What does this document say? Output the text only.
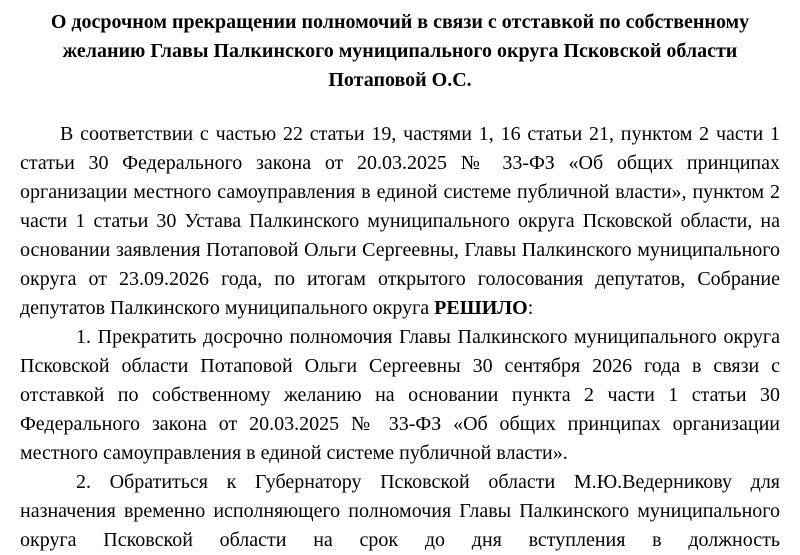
О досрочном прекращении полномочий в связи с отставкой по собственному желанию Главы Палкинского муниципального округа Псковской области Потаповой О.С.

В соответствии с частью 22 статьи 19, частями 1, 16 статьи 21, пунктом 2 части 1 статьи 30 Федерального закона от 20.03.2025 № 33-ФЗ «Об общих принципах организации местного самоуправления в единой системе публичной власти», пунктом 2 части 1 статьи 30 Устава Палкинского муниципального округа Псковской области, на основании заявления Потаповой Ольги Сергеевны, Главы Палкинского муниципального округа от 23.09.2026 года, по итогам открытого голосования депутатов, Собрание депутатов Палкинского муниципального округа РЕШИЛО:

1. Прекратить досрочно полномочия Главы Палкинского муниципального округа Псковской области Потаповой Ольги Сергеевны 30 сентября 2026 года в связи с отставкой по собственному желанию на основании пункта 2 части 1 статьи 30 Федерального закона от 20.03.2025 № 33-ФЗ «Об общих принципах организации местного самоуправления в единой системе публичной власти».

2. Обратиться к Губернатору Псковской области М.Ю.Ведерникову для назначения временно исполняющего полномочия Главы Палкинского муниципального округа Псковской области на срок до дня вступления в должность
